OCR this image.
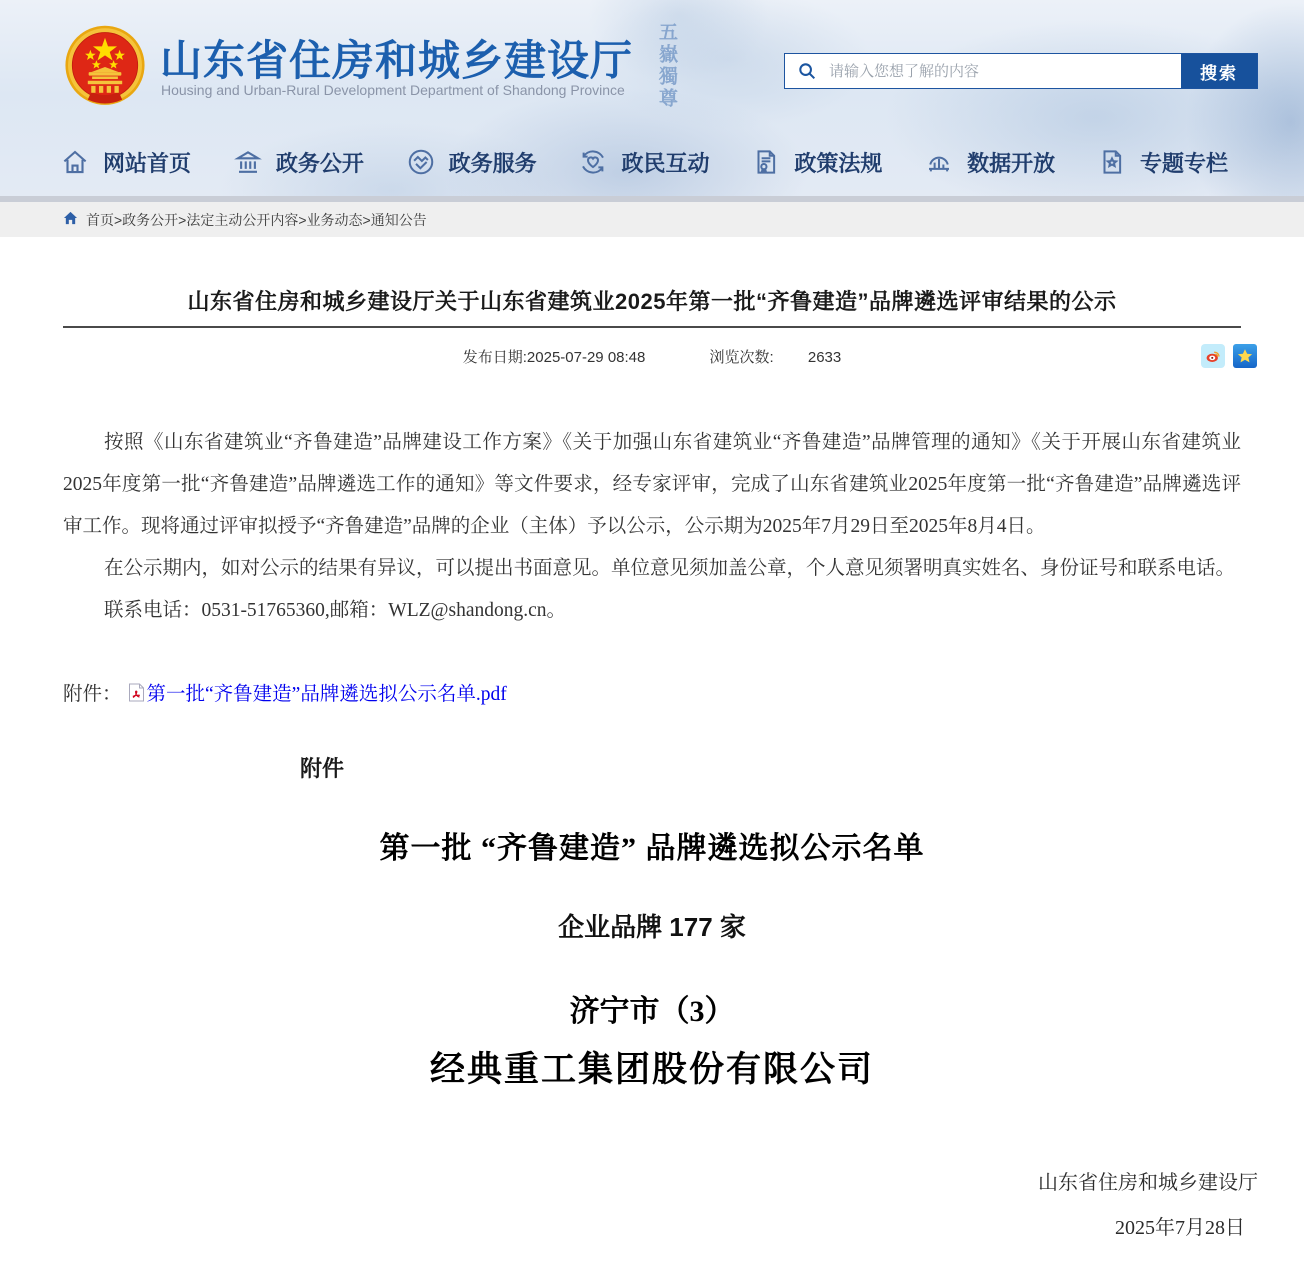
山东省住房和城乡建设厅
Housing and Urban-Rural Development Department of Shandong Province 五嶽獨尊
请输入您想了解的内容	搜索
网站首页	政务公开	政务服务	政民互动	政策法规	数据开放	专题专栏
首页>政务公开>法定主动公开内容>业务动态>通知公告
山东省住房和城乡建设厅关于山东省建筑业2025年第一批“齐鲁建造”品牌遴选评审结果的公示
发布日期:2025-07-29 08:48	浏览次数: 2633

按照《山东省建筑业“齐鲁建造”品牌建设工作方案》《关于加强山东省建筑业“齐鲁建造”品牌管理的通知》《关于开展山东省建筑业2025年度第一批“齐鲁建造”品牌遴选工作的通知》等文件要求，经专家评审，完成了山东省建筑业2025年度第一批“齐鲁建造”品牌遴选评审工作。现将通过评审拟授予“齐鲁建造”品牌的企业（主体）予以公示，公示期为2025年7月29日至2025年8月4日。

在公示期内，如对公示的结果有异议，可以提出书面意见。单位意见须加盖公章，个人意见须署明真实姓名、身份证号和联系电话。

联系电话：0531-51765360,邮箱：WLZ@shandong.cn。

附件： 第一批“齐鲁建造”品牌遴选拟公示名单.pdf
附件
第一批 “齐鲁建造” 品牌遴选拟公示名单
企业品牌 177 家
济宁市（3）
经典重工集团股份有限公司
山东省住房和城乡建设厅
2025年7月28日
